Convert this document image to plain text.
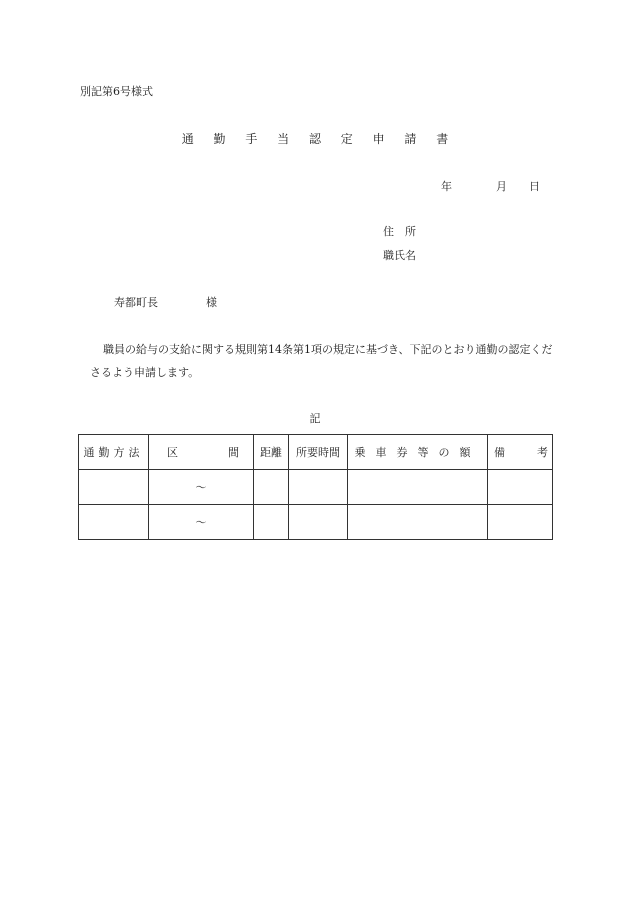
別記第6号様式
通 勤 手 当 認 定 申 請 書
年	月 日
住　所
職氏名
寿都町長	様
職員の給与の支給に関する規則第14条第1項の規定に基づき、下記のとおり通勤の認定くださるよう申請します。
記
通勤方法	区 間	距離	所要時間	乗車券等の額	備 考

	～				
	～				
